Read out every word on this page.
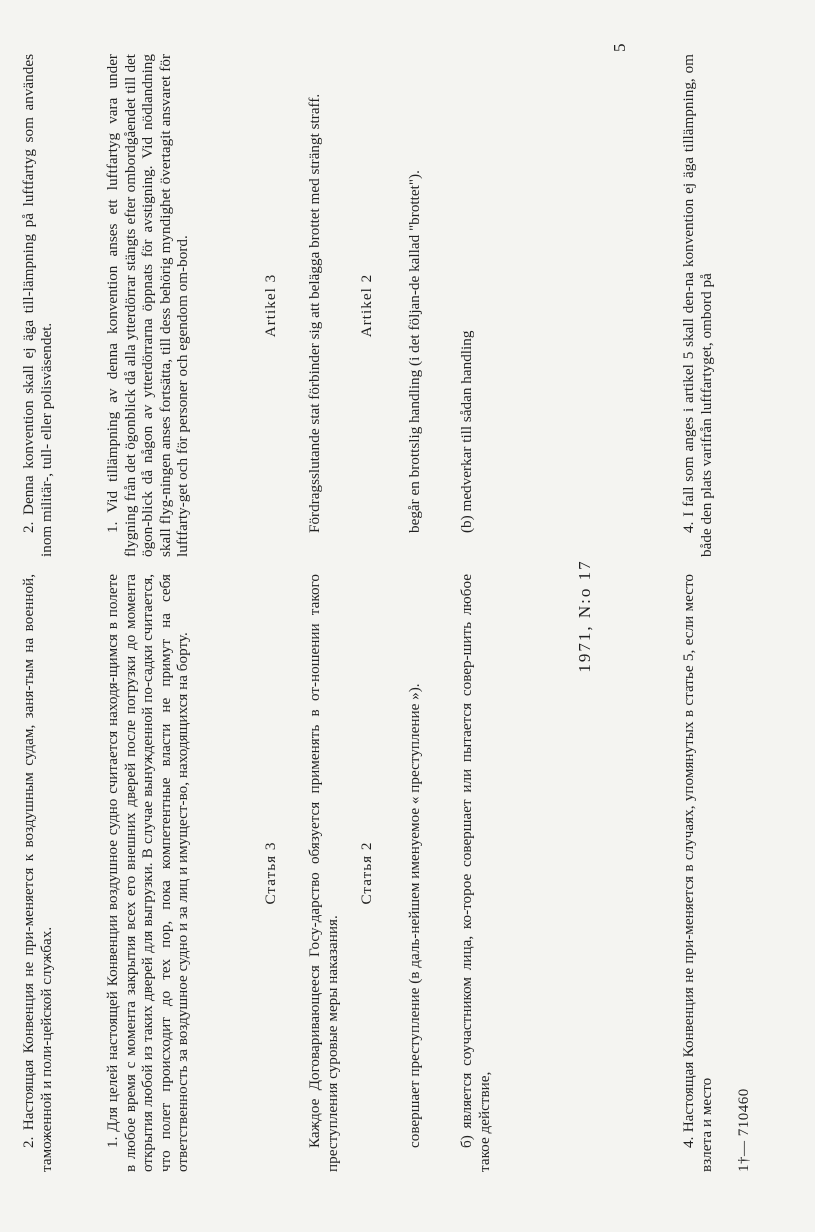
5
1971, N:o 17

б) является соучастником лица, ко-торое совершает или пытается совер-шить любое такое действие,

совершает преступление (в даль-нейшем именуемое « преступление »).

Статья 2

Каждое Договаривающееся Госу-дарство обязуется применять в от-ношении такого преступления суровые меры наказания.

Статья 3

1. Для целей настоящей Конвенции воздушное судно считается находя-щимся в полете в любое время с момента закрытия всех его внешних дверей после погрузки до момента открытия любой из таких дверей для выгрузки. В случае вынужденной по-садки считается, что полет происходит до тех пор, пока компетентные власти не примут на себя ответственность за воздушное судно и за лиц и имущест-во, находящихся на борту.

2. Настоящая Конвенция не при-меняется к воздушным судам, заня-тым на военной, таможенной и поли-цейской службах.

(b) medverkar till sådan handling

begår en brottslig handling (i det följan-de kallad "brottet").

Artikel 2

Fördragsslutande stat förbinder sig att belägga brottet med strängt straff.

Artikel 3

1. Vid tillämpning av denna konvention anses ett luftfartyg vara under flygning från det ögonblick då alla ytterdörrar stängts efter ombordgåendet till det ögon-blick då någon av ytterdörrarna öppnats för avstigning. Vid nödlandning skall flyg-ningen anses fortsätta, till dess behörig myndighet övertagit ansvaret för luftfarty-get och för personer och egendom om-bord.

2. Denna konvention skall ej äga till-lämpning på luftfartyg som användes inom militär-, tull- eller polisväsendet.

4. Настоящая Конвенция не при-меняется в случаях, упомянутых в статье 5, если место взлета и место 1†— 710460

4. I fall som anges i artikel 5 skall den-na konvention ej äga tillämpning, om både den plats varifrån luftfartyget, ombord på
